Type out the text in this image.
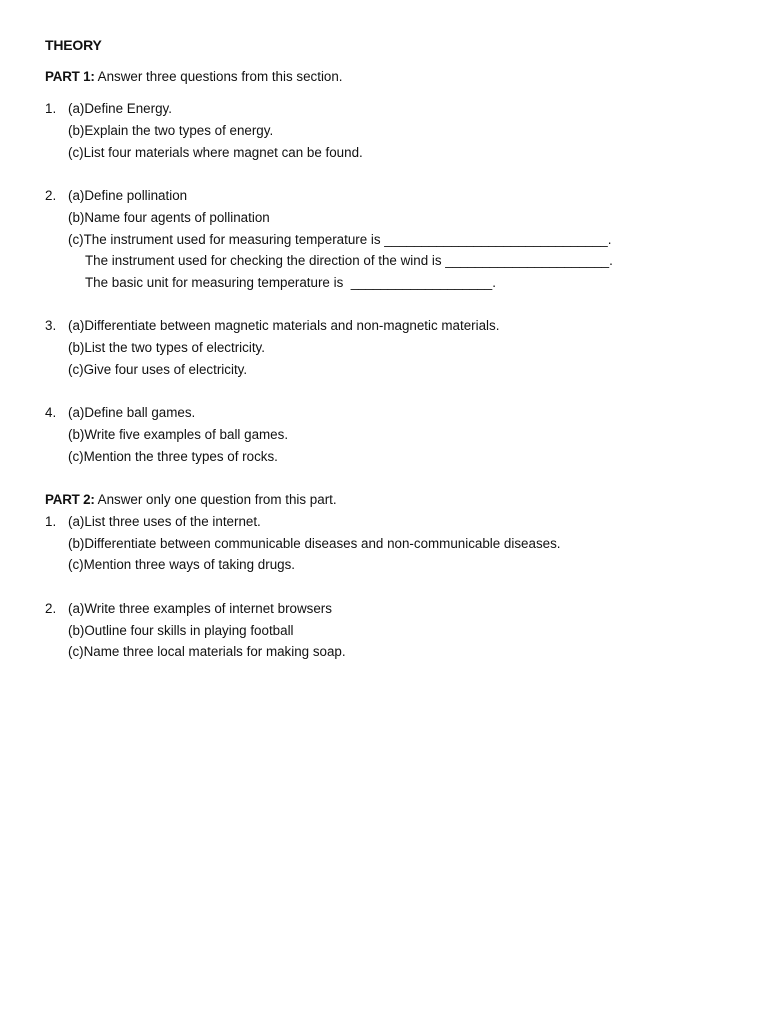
THEORY
PART 1: Answer three questions from this section.
1. (a)Define Energy.
(b)Explain the two types of energy.
(c)List four materials where magnet can be found.
2. (a)Define pollination
(b)Name four agents of pollination
(c)The instrument used for measuring temperature is ______________________________.
The instrument used for checking the direction of the wind is ______________________.
The basic unit for measuring temperature is  ___________________.
3. (a)Differentiate between magnetic materials and non-magnetic materials.
(b)List the two types of electricity.
(c)Give four uses of electricity.
4. (a)Define ball games.
(b)Write five examples of ball games.
(c)Mention the three types of rocks.
PART 2: Answer only one question from this part.
1. (a)List three uses of the internet.
(b)Differentiate between communicable diseases and non-communicable diseases.
(c)Mention three ways of taking drugs.
2. (a)Write three examples of internet browsers
(b)Outline four skills in playing football
(c)Name three local materials for making soap.
